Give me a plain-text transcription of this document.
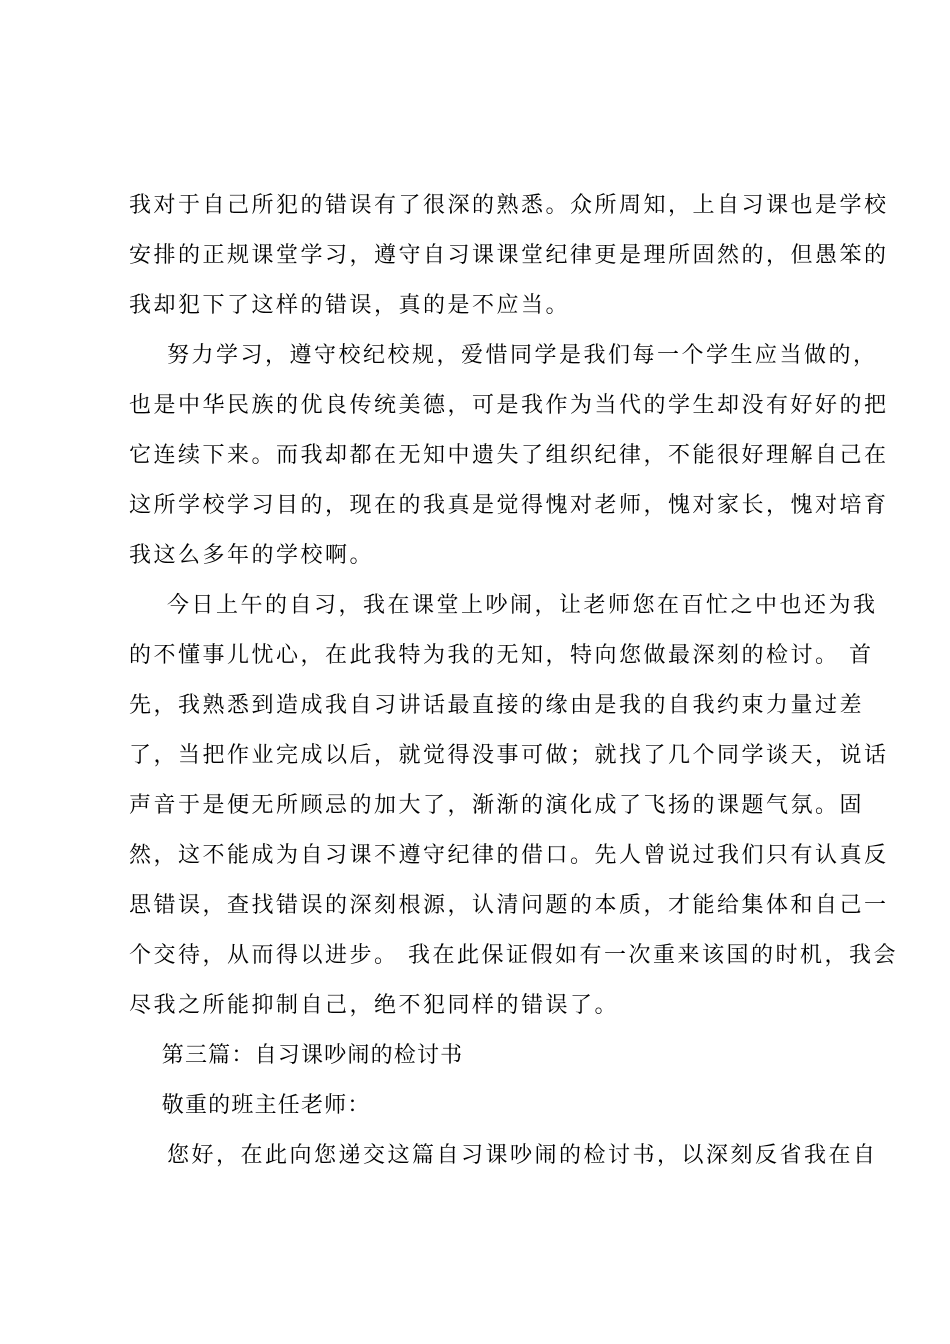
我对于自己所犯的错误有了很深的熟悉。众所周知，上自习课也是学校
安排的正规课堂学习，遵守自习课课堂纪律更是理所固然的，但愚笨的
我却犯下了这样的错误，真的是不应当。
努力学习，遵守校纪校规，爱惜同学是我们每一个学生应当做的，
也是中华民族的优良传统美德，可是我作为当代的学生却没有好好的把
它连续下来。而我却都在无知中遗失了组织纪律，不能很好理解自己在
这所学校学习目的，现在的我真是觉得愧对老师，愧对家长，愧对培育
我这么多年的学校啊。
今日上午的自习，我在课堂上吵闹，让老师您在百忙之中也还为我
的不懂事儿忧心，在此我特为我的无知，特向您做最深刻的检讨。 首
先，我熟悉到造成我自习讲话最直接的缘由是我的自我约束力量过差
了，当把作业完成以后，就觉得没事可做；就找了几个同学谈天，说话
声音于是便无所顾忌的加大了，渐渐的演化成了飞扬的课题气氛。固
然，这不能成为自习课不遵守纪律的借口。先人曾说过我们只有认真反
思错误，查找错误的深刻根源，认清问题的本质，才能给集体和自己一
个交待，从而得以进步。 我在此保证假如有一次重来该国的时机，我会
尽我之所能抑制自己，绝不犯同样的错误了。
第三篇：自习课吵闹的检讨书
敬重的班主任老师：
您好，在此向您递交这篇自习课吵闹的检讨书，以深刻反省我在自
